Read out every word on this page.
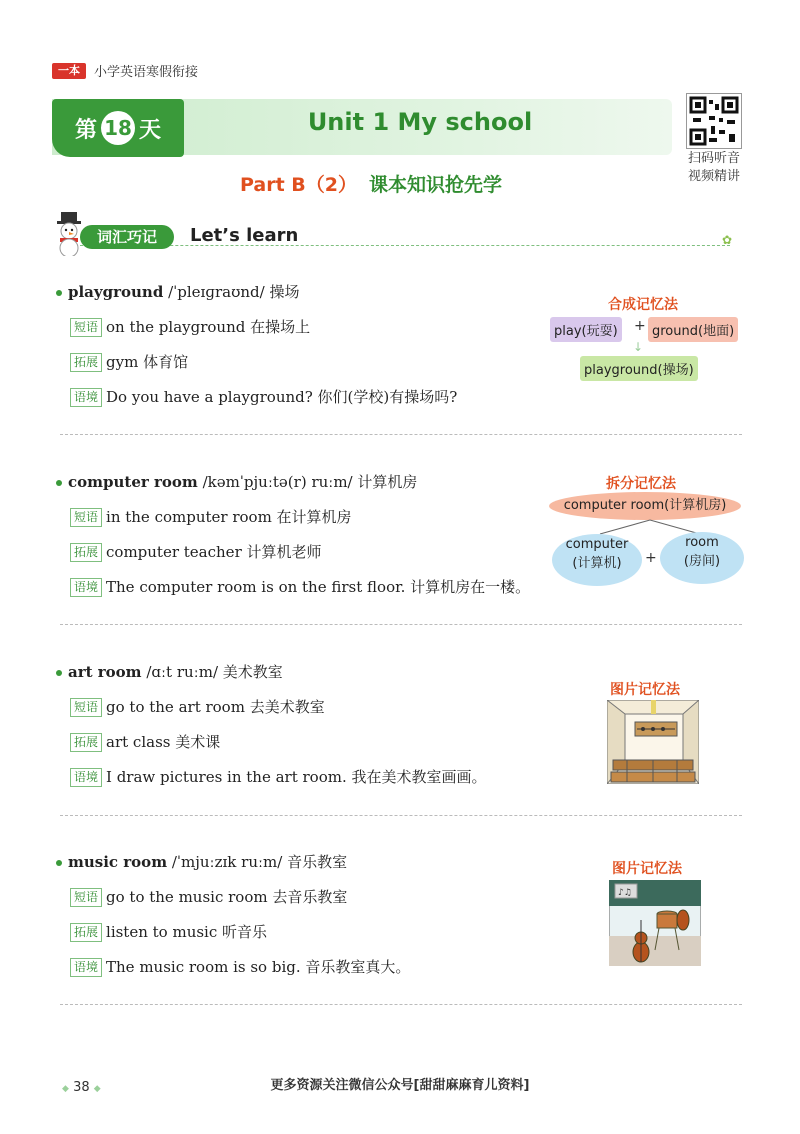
一本	小学英语寒假衔接
第 18 天	Unit 1 My school
扫码听音
视频精讲
Part B（2） 课本知识抢先学
词汇巧记	Let’s learn	✿
playground /ˈpleɪɡraʊnd/ 操场
短语 on the playground 在操场上
拓展 gym 体育馆
语境 Do you have a playground? 你们(学校)有操场吗?
合成记忆法
play(玩耍) + ground(地面)
↓
playground(操场)
computer room /kəmˈpjuːtə(r) ruːm/ 计算机房
短语 in the computer room 在计算机房
拓展 computer teacher 计算机老师
语境 The computer room is on the first floor. 计算机房在一楼。
拆分记忆法
computer room(计算机房)
computer
(计算机)	+
room
(房间)
art room /ɑːt ruːm/ 美术教室
短语 go to the art room 去美术教室
拓展 art class 美术课
语境 I draw pictures in the art room. 我在美术教室画画。
图片记忆法
music room /ˈmjuːzɪk ruːm/ 音乐教室
短语 go to the music room 去音乐教室
拓展 listen to music 听音乐
语境 The music room is so big. 音乐教室真大。
图片记忆法
♪♫
◆ 38 ◆	更多资源关注微信公众号[甜甜麻麻育儿资料]
